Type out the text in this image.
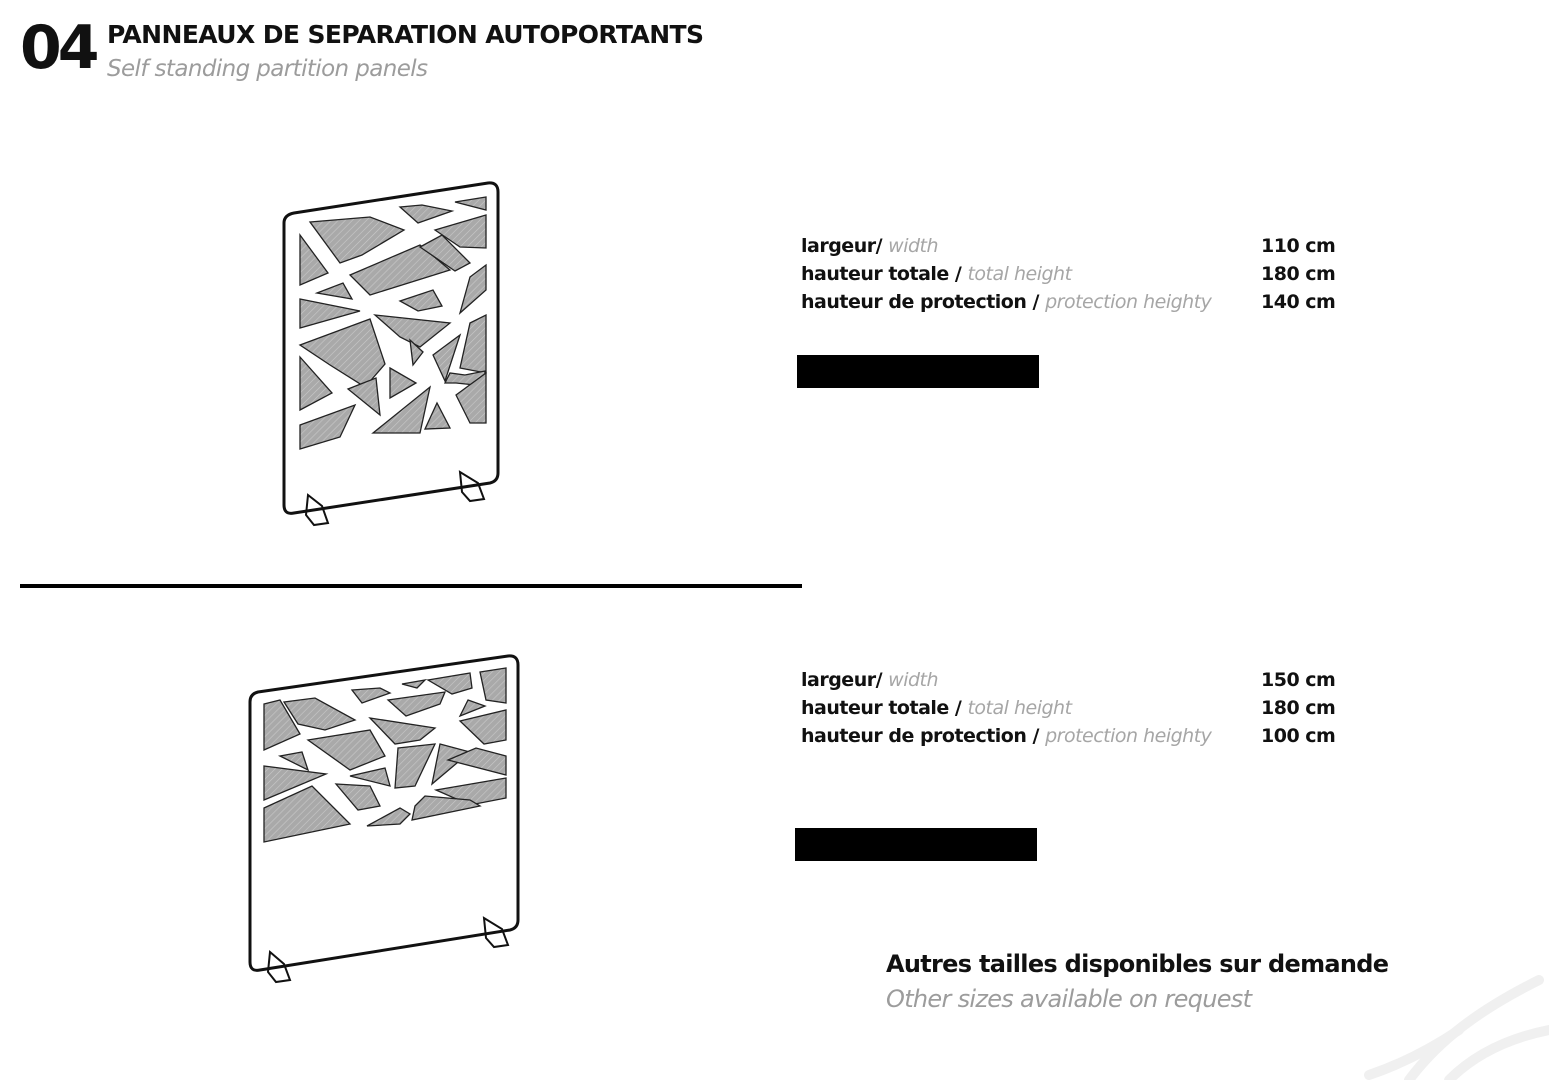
04 PANNEAUX DE SEPARATION AUTOPORTANTS
Self standing partition panels
largeur/ width	110 cm
hauteur totale / total height	180 cm
hauteur de protection / protection heighty	140 cm
largeur/ width	150 cm
hauteur totale / total height	180 cm
hauteur de protection / protection heighty	100 cm
Autres tailles disponibles sur demande
Other sizes available on request
